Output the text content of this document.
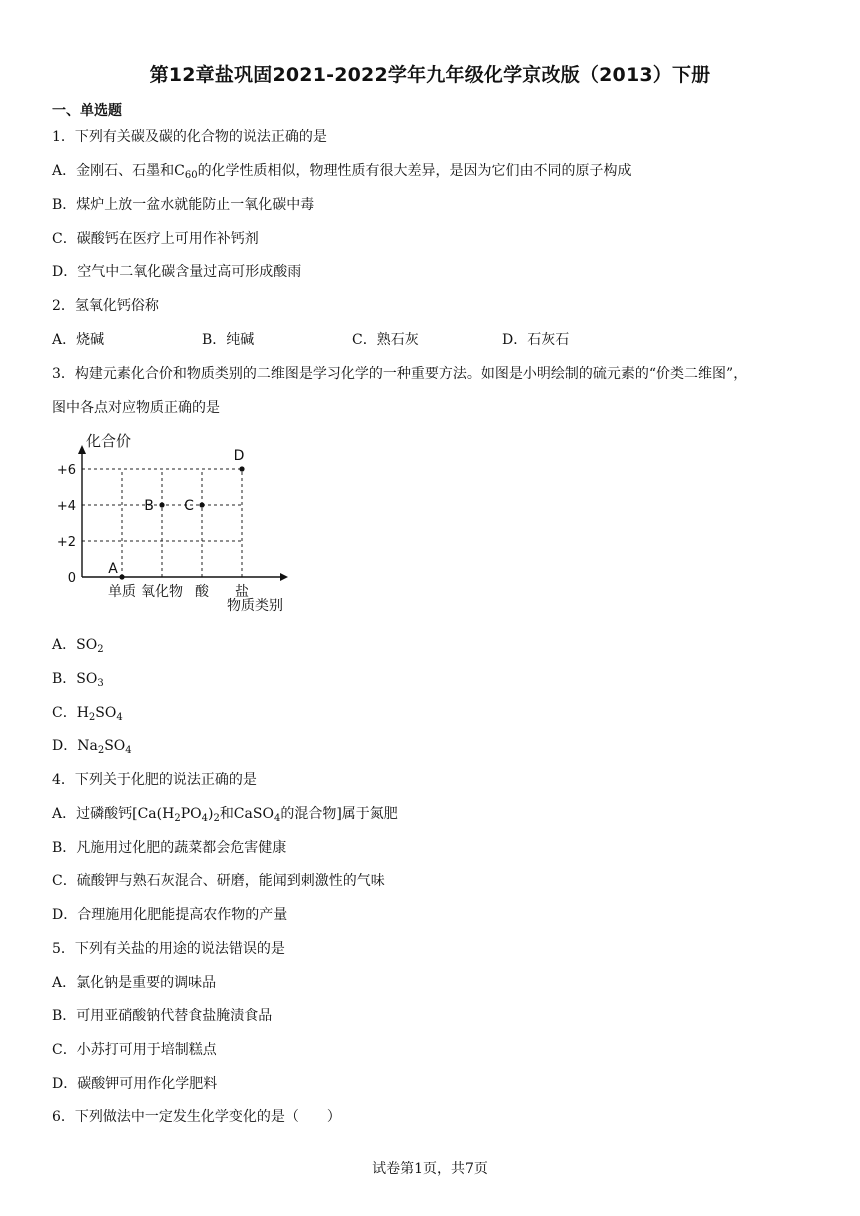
第12章盐巩固2021-2022学年九年级化学京改版（2013）下册
一、单选题
1．下列有关碳及碳的化合物的说法正确的是
A．金刚石、石墨和$C_{60}$的化学性质相似，物理性质有很大差异，是因为它们由不同的原子构成
B．煤炉上放一盆水就能防止一氧化碳中毒
C．碳酸钙在医疗上可用作补钙剂
D．空气中二氧化碳含量过高可形成酸雨
2．氢氧化钙俗称
A．烧碱	B．纯碱	C．熟石灰	D．石灰石
3．构建元素化合价和物质类别的二维图是学习化学的一种重要方法。如图是小明绘制的硫元素的“价类二维图”，
图中各点对应物质正确的是
0
+2
+4
+6
单质 氧化物 酸 盐
A
B C
D
化合价
物质类别
A．$SO_2$
B．$SO_3$
C．$H_2SO_4$
D．$Na_2SO_4$
4．下列关于化肥的说法正确的是
A．过磷酸钙[$Ca(H_2PO_4)_2$和CaSO$_4$的混合物]属于氮肥
B．凡施用过化肥的蔬菜都会危害健康
C．硫酸钾与熟石灰混合、研磨，能闻到刺激性的气味
D．合理施用化肥能提高农作物的产量
5．下列有关盐的用途的说法错误的是
A．氯化钠是重要的调味品
B．可用亚硝酸钠代替食盐腌渍食品
C．小苏打可用于培制糕点
D．碳酸钾可用作化学肥料
6．下列做法中一定发生化学变化的是（　　）
试卷第1页，共7页
